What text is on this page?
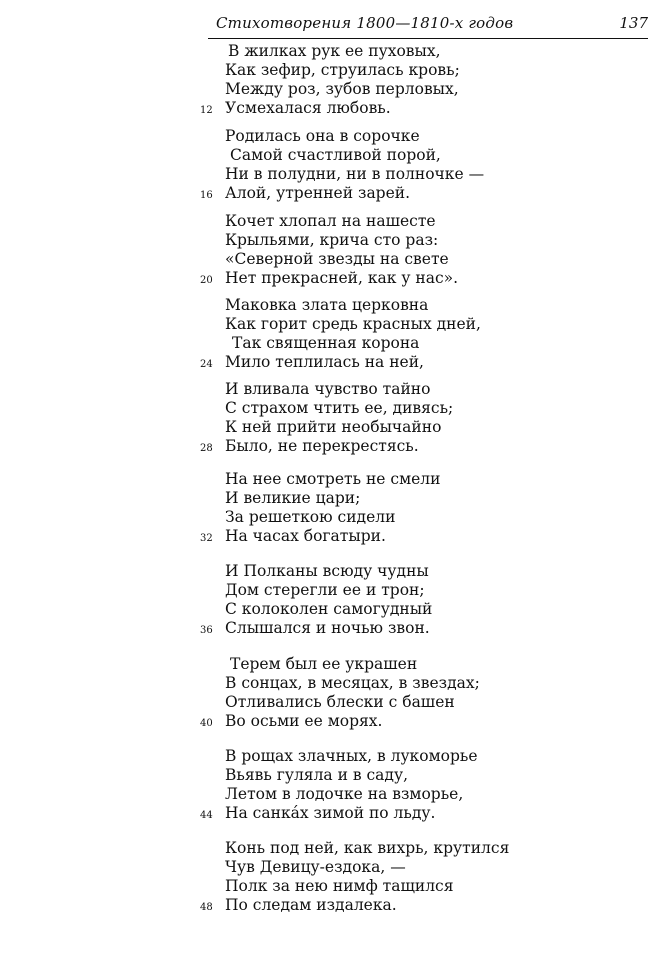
Стихотворения 1800—1810-х годов	137
В жилках рук ее пуховых,
Как зефир, струилась кровь;
Между роз, зубов перловых,
12 Усмехалася любовь.
Родилась она в сорочке
Самой счастливой порой,
Ни в полудни, ни в полночке —
16 Алой, утренней зарей.
Кочет хлопал на нашесте
Крыльями, крича сто раз:
«Северной звезды на свете
20 Нет прекрасней, как у нас».
Маковка злата церковна
Как горит средь красных дней,
Так священная корона
24 Мило теплилась на ней,
И вливала чувство тайно
С страхом чтить ее, дивясь;
К ней прийти необычайно
28 Было, не перекрестясь.
На нее смотреть не смели
И великие цари;
За решеткою сидели
32 На часах богатыри.
И Полканы всюду чудны
Дом стерегли ее и трон;
С колоколен самогудный
36 Слышался и ночью звон.
Терем был ее украшен
В сонцах, в месяцах, в звездах;
Отливались блески с башен
40 Во осьми ее морях.
В рощах злачных, в лукоморье
Вьявь гуляла и в саду,
Летом в лодочке на взморье,
44 На санкáх зимой по льду.
Конь под ней, как вихрь, крутился
Чув Девицу-ездока, —
Полк за нею нимф тащился
48 По следам издалека.
